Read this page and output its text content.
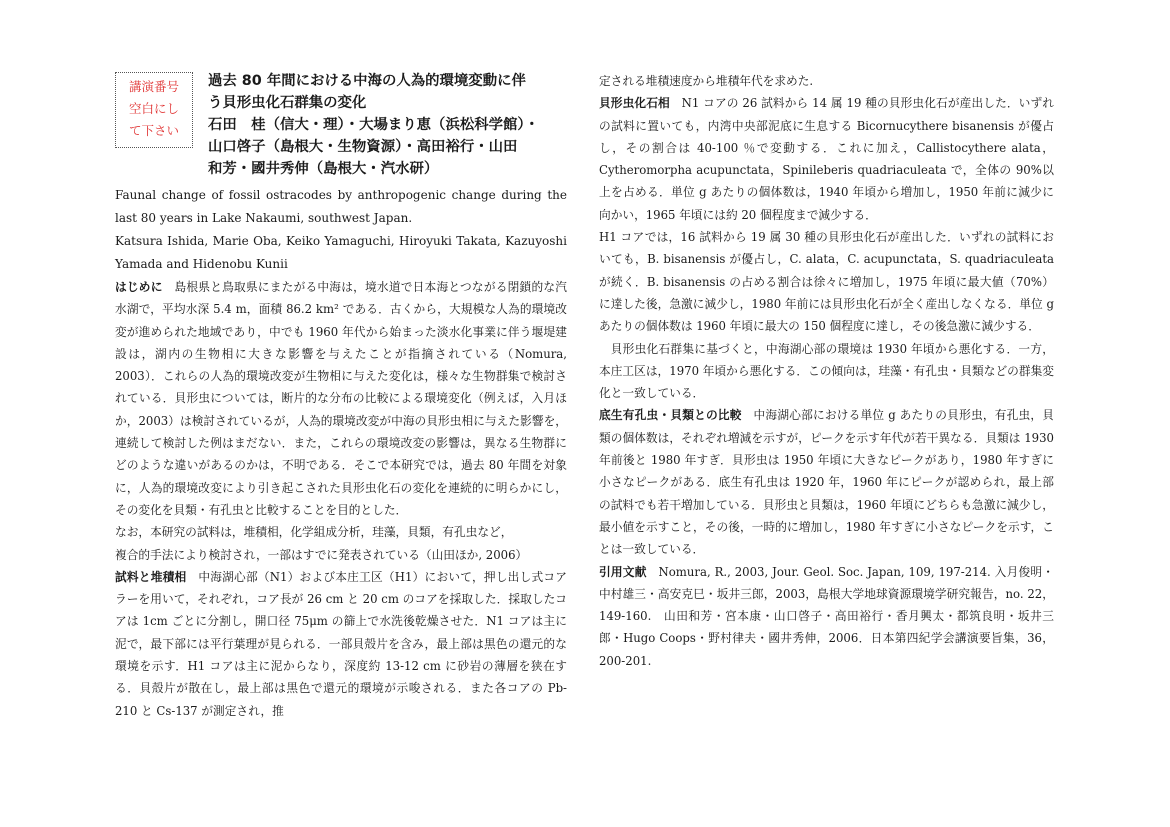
講演番号
空白にし
て下さい
過去 80 年間における中海の人為的環境変動に伴
う貝形虫化石群集の変化
石田　桂（信大・理）・大場まり恵（浜松科学館）・
山口啓子（島根大・生物資源）・高田裕行・山田
和芳・國井秀伸（島根大・汽水研）
Faunal change of fossil ostracodes by anthropogenic change during the last 80 years in Lake Nakaumi, southwest Japan.
Katsura Ishida, Marie Oba, Keiko Yamaguchi, Hiroyuki Takata, Kazuyoshi Yamada and Hidenobu Kunii

はじめに　 島根県と鳥取県にまたがる中海は，境水道で日本海とつながる閉鎖的な汽水湖で，平均水深 5.4 m，面積 86.2 km² である．古くから，大規模な人為的環境改変が進められた地域であり，中でも 1960 年代から始まった淡水化事業に伴う堰堤建設は，湖内の生物相に大きな影響を与えたことが指摘されている（Nomura, 2003）．これらの人為的環境改変が生物相に与えた変化は，様々な生物群集で検討されている．貝形虫については，断片的な分布の比較による環境変化（例えば，入月ほか，2003）は検討されているが，人為的環境改変が中海の貝形虫相に与えた影響を，連続して検討した例はまだない．また，これらの環境改変の影響は，異なる生物群にどのような違いがあるのかは，不明である．そこで本研究では，過去 80 年間を対象に，人為的環境改変により引き起こされた貝形虫化石の変化を連続的に明らかにし，その変化を貝類・有孔虫と比較することを目的とした．

なお，本研究の試料は，堆積相，化学組成分析，珪藻，貝類，有孔虫など，

複合的手法により検討され，一部はすでに発表されている（山田ほか, 2006）

試料と堆積相　 中海湖心部（N1）および本庄工区（H1）において，押し出し式コアラーを用いて，それぞれ，コア長が 26 cm と 20 cm のコアを採取した．採取したコアは 1cm ごとに分割し，開口径 75μm の篩上で水洗後乾燥させた．N1 コアは主に泥で，最下部には平行葉理が見られる．一部貝殻片を含み，最上部は黒色の還元的な環境を示す．H1 コアは主に泥からなり，深度約 13-12 cm に砂岩の薄層を狭在する．貝殻片が散在し，最上部は黒色で還元的環境が示唆される．また各コアの Pb-210 と Cs-137 が測定され，推

定される堆積速度から堆積年代を求めた.

貝形虫化石相　 N1 コアの 26 試料から 14 属 19 種の貝形虫化石が産出した．いずれの試料に置いても，内湾中央部泥底に生息する Bicornucythere bisanensis が優占し，その割合は 40-100 ％で変動する．これに加え，Callistocythere alata，Cytheromorpha acupunctata，Spinileberis quadriaculeata で，全体の 90%以上を占める．単位 g あたりの個体数は，1940 年頃から増加し，1950 年前に減少に向かい，1965 年頃には約 20 個程度まで減少する．

H1 コアでは，16 試料から 19 属 30 種の貝形虫化石が産出した．いずれの試料においても，B. bisanensis が優占し，C. alata，C. acupunctata，S. quadriaculeata が続く．B. bisanensis の占める割合は徐々に増加し，1975 年頃に最大値（70%）に達した後，急激に減少し，1980 年前には貝形虫化石が全く産出しなくなる．単位 g あたりの個体数は 1960 年頃に最大の 150 個程度に達し，その後急激に減少する．

貝形虫化石群集に基づくと，中海湖心部の環境は 1930 年頃から悪化する．一方，本庄工区は，1970 年頃から悪化する．この傾向は，珪藻・有孔虫・貝類などの群集変化と一致している．

底生有孔虫・貝類との比較　 中海湖心部における単位 g あたりの貝形虫，有孔虫，貝類の個体数は，それぞれ増減を示すが，ピークを示す年代が若干異なる．貝類は 1930 年前後と 1980 年すぎ．貝形虫は 1950 年頃に大きなピークがあり，1980 年すぎに小さなピークがある．底生有孔虫は 1920 年，1960 年にピークが認められ，最上部の試料でも若干増加している．貝形虫と貝類は，1960 年頃にどちらも急激に減少し，最小値を示すこと，その後，一時的に増加し，1980 年すぎに小さなピークを示す，ことは一致している．

引用文献　 Nomura, R., 2003, Jour. Geol. Soc. Japan, 109, 197-214. 入月俊明・中村雄三・高安克巳・坂井三郎，2003，島根大学地球資源環境学研究報告，no. 22，149-160.　山田和芳・宮本康・山口啓子・高田裕行・香月興太・都筑良明・坂井三郎・Hugo Coops・野村律夫・國井秀伸，2006．日本第四紀学会講演要旨集，36，200-201.
